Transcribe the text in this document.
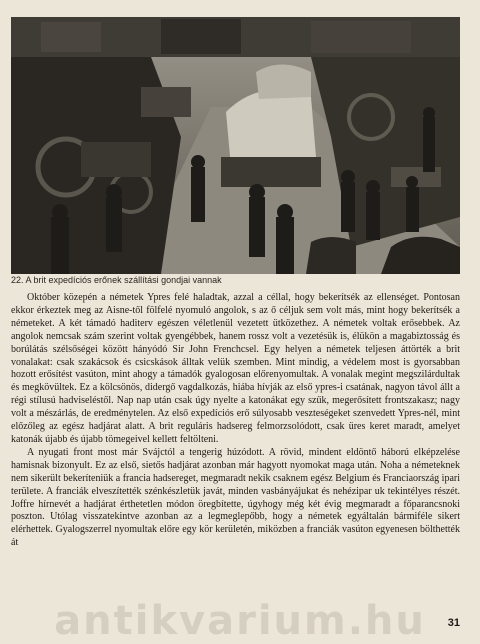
22. A brit expedíciós erőnek szállítási gondjai vannak

Október közepén a németek Ypres felé haladtak, azzal a céllal, hogy bekerítsék az ellenséget. Pontosan ekkor érkeztek meg az Aisne-től fölfelé nyomuló angolok, s az ő céljuk sem volt más, mint hogy bekerítsék a németeket. A két támadó haditerv egészen véletlenül vezetett ütközethez. A németek voltak erősebbek. Az angolok nemcsak szám szerint voltak gyengébbek, hanem rossz volt a vezetésük is, élükön a magabiztosság és borúlátás szélsőségei között hányódó Sir John Frenchcsel. Egy helyen a németek teljesen áttörték a brit vonalakat: csak szakácsok és csicskások álltak velük szemben. Mint mindig, a védelem most is gyorsabban hozott erősítést vasúton, mint ahogy a támadók gyalogosan előrenyomultak. A vonalak megint megszilárdultak és megkövültek. Ez a kölcsönös, didergő vagdalkozás, hiába hívják az első ypres-i csatának, nagyon távol állt a régi stílusú hadviseléstől. Nap nap után csak úgy nyelte a katonákat egy szűk, megerősített frontszakasz; nagy volt a mészárlás, de eredménytelen. Az első expedíciós erő súlyosabb veszteségeket szenvedett Ypres-nél, mint előzőleg az egész hadjárat alatt. A brit reguláris hadsereg felmorzsolódott, csak üres keret maradt, amelyet katonák újabb és újabb tömegeivel kellett feltölteni.

A nyugati front most már Svájctól a tengerig húzódott. A rövid, mindent eldöntő háború elképzelése hamisnak bizonyult. Ez az első, sietős hadjárat azonban már hagyott nyomokat maga után. Noha a németeknek nem sikerült bekeríteniük a francia hadsereget, megmaradt nekik csaknem egész Belgium és Franciaország ipari területe. A franciák elveszítették szénkészletük javát, minden vasbányájukat és nehézipar uk tekintélyes részét. Joffre hírnevét a hadjárat érthetetlen módon öregbítette, úgyhogy még két évig megmaradt a főparancsnoki poszton. Utólag visszatekintve azonban az a legmeglepőbb, hogy a németek egyáltalán bármiféle sikert elérhettek. Gyalogszerrel nyomultak előre egy kör kerületén, miközben a franciák vasúton egyenesen bölthették át

antikvarium.hu	31
